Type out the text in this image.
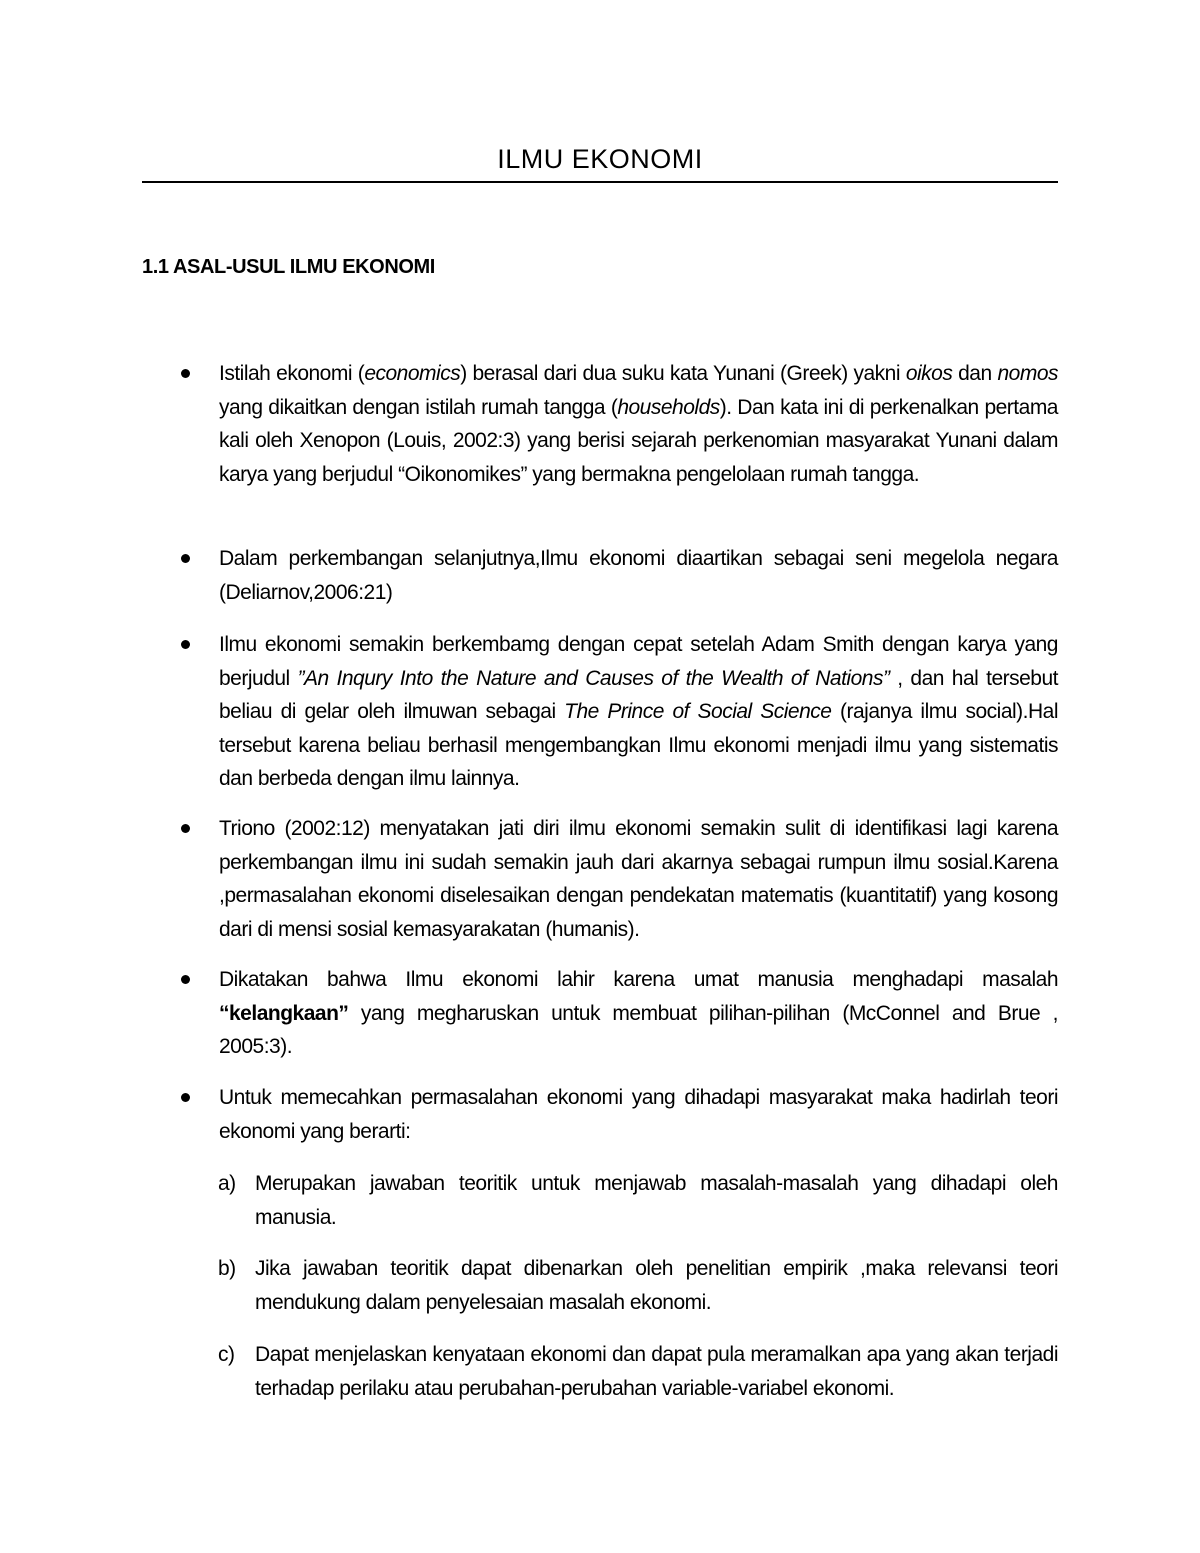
ILMU EKONOMI
1.1 ASAL-USUL ILMU EKONOMI
Istilah ekonomi (economics) berasal dari dua suku kata Yunani (Greek) yakni oikos dan nomos yang dikaitkan dengan istilah rumah tangga (households). Dan kata ini di perkenalkan pertama kali oleh Xenopon (Louis, 2002:3) yang berisi sejarah perkenomian masyarakat Yunani dalam karya yang berjudul “Oikonomikes” yang bermakna pengelolaan rumah tangga.
Dalam perkembangan selanjutnya,Ilmu ekonomi diaartikan sebagai seni megelola negara (Deliarnov,2006:21)
Ilmu ekonomi semakin berkembamg dengan cepat setelah Adam Smith dengan karya yang berjudul ”An Inqury Into the Nature and Causes of the Wealth of Nations” , dan hal tersebut beliau di gelar oleh ilmuwan sebagai The Prince of Social Science (rajanya ilmu social).Hal tersebut karena beliau berhasil mengembangkan Ilmu ekonomi menjadi ilmu yang sistematis dan berbeda dengan ilmu lainnya.
Triono (2002:12) menyatakan jati diri ilmu ekonomi semakin sulit di identifikasi lagi karena perkembangan ilmu ini sudah semakin jauh dari akarnya sebagai rumpun ilmu sosial.Karena ,permasalahan ekonomi diselesaikan dengan pendekatan matematis (kuantitatif) yang kosong dari di mensi sosial kemasyarakatan (humanis).
Dikatakan bahwa Ilmu ekonomi lahir karena umat manusia menghadapi masalah “kelangkaan” yang megharuskan untuk membuat pilihan-pilihan (McConnel and Brue , 2005:3).
Untuk memecahkan permasalahan ekonomi yang dihadapi masyarakat maka hadirlah teori ekonomi yang berarti:
a) Merupakan jawaban teoritik untuk menjawab masalah-masalah yang dihadapi oleh manusia.
b) Jika jawaban teoritik dapat dibenarkan oleh penelitian empirik ,maka relevansi teori mendukung dalam penyelesaian masalah ekonomi.
c) Dapat menjelaskan kenyataan ekonomi dan dapat pula meramalkan apa yang akan terjadi terhadap perilaku atau perubahan-perubahan variable-variabel ekonomi.
